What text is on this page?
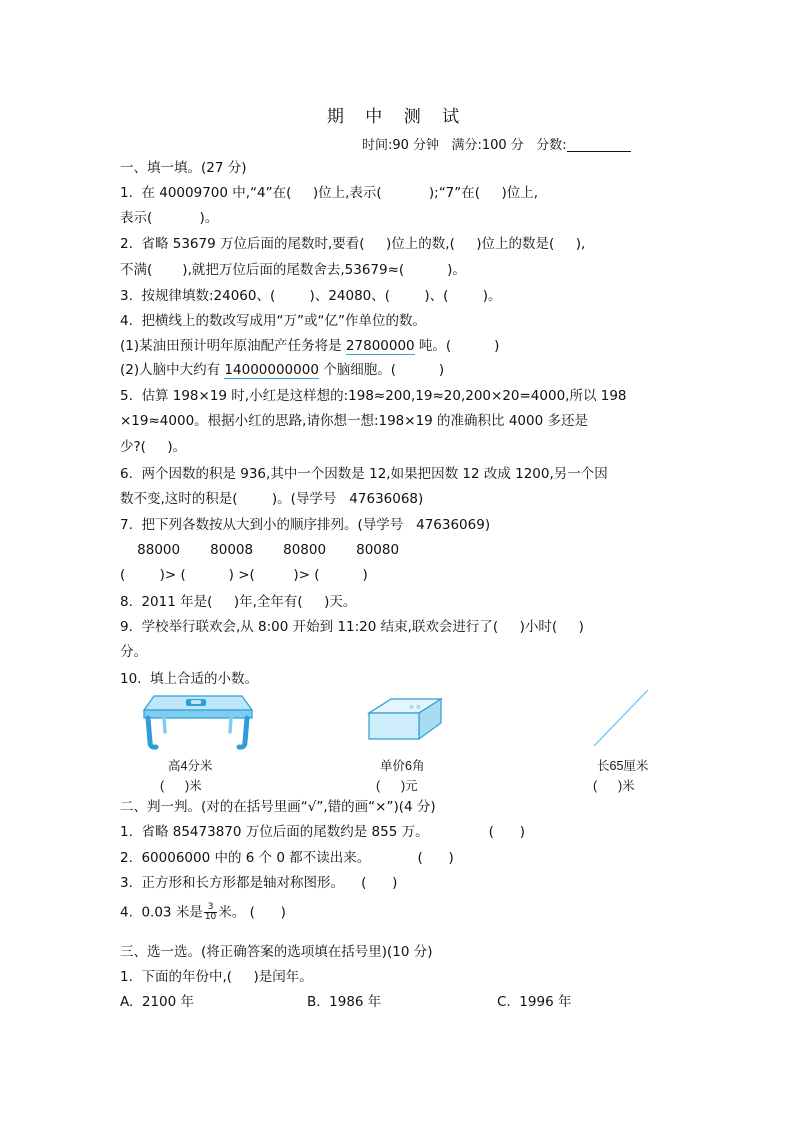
期 中 测 试
时间:90 分钟 满分:100 分 分数:
一、填一填。(27 分)
1.  在 40009700 中,“4”在(     )位上,表示(           );“7”在(     )位上,
表示(           )。
2.  省略 53679 万位后面的尾数时,要看(     )位上的数,(     )位上的数是(     ),
不满(       ),就把万位后面的尾数舍去,53679≈(          )。
3.  按规律填数:24060、(        )、24080、(        )、(        )。
4.  把横线上的数改写成用“万”或“亿”作单位的数。
(1)某油田预计明年原油配产任务将是 27800000 吨。(          )
(2)人脑中大约有 14000000000 个脑细胞。(          )
5.  估算 198×19 时,小红是这样想的:198≈200,19≈20,200×20=4000,所以 198
×19≈4000。根据小红的思路,请你想一想:198×19 的准确积比 4000 多还是
少?(     )。
6.  两个因数的积是 936,其中一个因数是 12,如果把因数 12 改成 1200,另一个因
数不变,这时的积是(        )。(导学号   47636068)
7.  把下列各数按从大到小的顺序排列。(导学号   47636069)
88000       80008       80800       80080
(        )> (          ) >(         )> (          )
8.  2011 年是(     )年,全年有(     )天。
9.  学校举行联欢会,从 8:00 开始到 11:20 结束,联欢会进行了(     )小时(     )
分。
10.  填上合适的小数。
✻ ✻
高4分米	单价6角	长65厘米
(      )米	(      )元	(      )米
二、判一判。(对的在括号里画“√”,错的画“×”)(4 分)
1.  省略 85473870 万位后面的尾数约是 855 万。              (      )
2.  60006000 中的 6 个 0 都不读出来。           (      )
3.  正方形和长方形都是轴对称图形。    (      )
4.  0.03 米是 $\frac{3}{10}$ 米。 (      )
三、选一选。(将正确答案的选项填在括号里)(10 分)
1.  下面的年份中,(     )是闰年。
A.  2100 年	B.  1986 年	C.  1996 年
